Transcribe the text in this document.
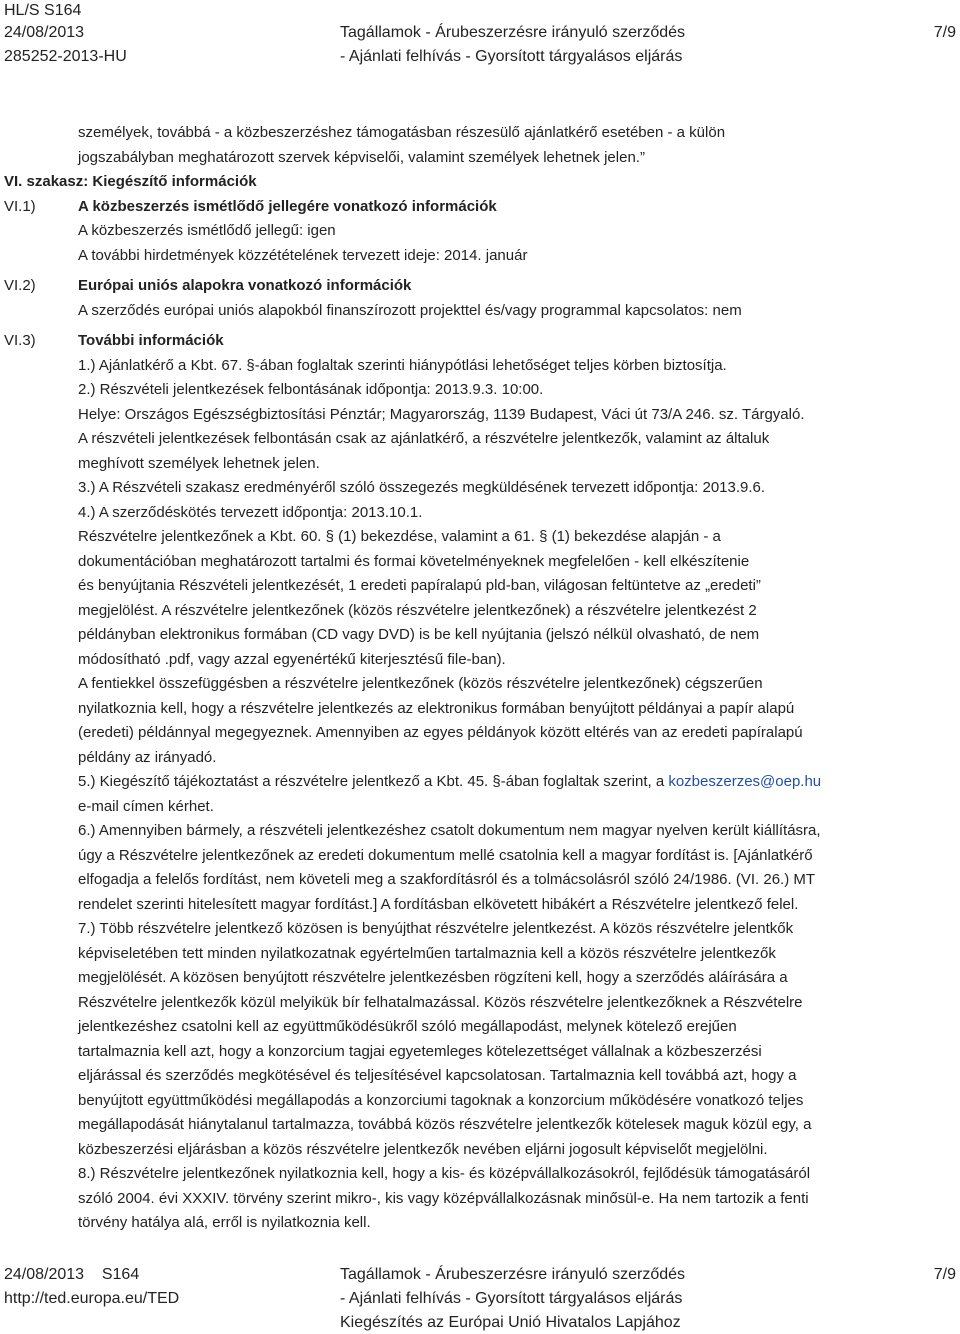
HL/S S164
24/08/2013
285252-2013-HU
Tagállamok - Árubeszerzésre irányuló szerződés
- Ajánlati felhívás - Gyorsított tárgyalásos eljárás
7/9
személyek, továbbá - a közbeszerzéshez támogatásban részesülő ajánlatkérő esetében - a külön
jogszabályban meghatározott szervek képviselői, valamint személyek lehetnek jelen.”
VI. szakasz: Kiegészítő információk
VI.1)	A közbeszerzés ismétlődő jellegére vonatkozó információk
A közbeszerzés ismétlődő jellegű: igen
A további hirdetmények közzétételének tervezett ideje: 2014. január
VI.2)	Európai uniós alapokra vonatkozó információk
A szerződés európai uniós alapokból finanszírozott projekttel és/vagy programmal kapcsolatos: nem
VI.3)	További információk
1.) Ajánlatkérő a Kbt. 67. §-ában foglaltak szerinti hiánypótlási lehetőséget teljes körben biztosítja.
2.) Részvételi jelentkezések felbontásának időpontja: 2013.9.3. 10:00.
Helye: Országos Egészségbiztosítási Pénztár; Magyarország, 1139 Budapest, Váci út 73/A 246. sz. Tárgyaló.
A részvételi jelentkezések felbontásán csak az ajánlatkérő, a részvételre jelentkezők, valamint az általuk
meghívott személyek lehetnek jelen.
3.) A Részvételi szakasz eredményéről szóló összegezés megküldésének tervezett időpontja: 2013.9.6.
4.) A szerződéskötés tervezett időpontja: 2013.10.1.
Részvételre jelentkezőnek a Kbt. 60. § (1) bekezdése, valamint a 61. § (1) bekezdése alapján - a
dokumentációban meghatározott tartalmi és formai követelményeknek megfelelően - kell elkészítenie
és benyújtania Részvételi jelentkezését, 1 eredeti papíralapú pld-ban, világosan feltüntetve az „eredeti”
megjelölést. A részvételre jelentkezőnek (közös részvételre jelentkezőnek) a részvételre jelentkezést 2
példányban elektronikus formában (CD vagy DVD) is be kell nyújtania (jelszó nélkül olvasható, de nem
módosítható .pdf, vagy azzal egyenértékű kiterjesztésű file-ban).
A fentiekkel összefüggésben a részvételre jelentkezőnek (közös részvételre jelentkezőnek) cégszerűen
nyilatkoznia kell, hogy a részvételre jelentkezés az elektronikus formában benyújtott példányai a papír alapú
(eredeti) példánnyal megegyeznek. Amennyiben az egyes példányok között eltérés van az eredeti papíralapú
példány az irányadó.
5.) Kiegészítő tájékoztatást a részvételre jelentkező a Kbt. 45. §-ában foglaltak szerint, a kozbeszerzes@oep.hu
e-mail címen kérhet.
6.) Amennyiben bármely, a részvételi jelentkezéshez csatolt dokumentum nem magyar nyelven került kiállításra,
úgy a Részvételre jelentkezőnek az eredeti dokumentum mellé csatolnia kell a magyar fordítást is. [Ajánlatkérő
elfogadja a felelős fordítást, nem követeli meg a szakfordításról és a tolmácsolásról szóló 24/1986. (VI. 26.) MT
rendelet szerinti hitelesített magyar fordítást.] A fordításban elkövetett hibákért a Részvételre jelentkező felel.
7.) Több részvételre jelentkező közösen is benyújthat részvételre jelentkezést. A közös részvételre jelentkők
képviseletében tett minden nyilatkozatnak egyértelműen tartalmaznia kell a közös részvételre jelentkezők
megjelölését. A közösen benyújtott részvételre jelentkezésben rögzíteni kell, hogy a szerződés aláírására a
Részvételre jelentkezők közül melyikük bír felhatalmazással. Közös részvételre jelentkezőknek a Részvételre
jelentkezéshez csatolni kell az együttműködésükről szóló megállapodást, melynek kötelező erejűen
tartalmaznia kell azt, hogy a konzorcium tagjai egyetemleges kötelezettséget vállalnak a közbeszerzési
eljárással és szerződés megkötésével és teljesítésével kapcsolatosan. Tartalmaznia kell továbbá azt, hogy a
benyújtott együttműködési megállapodás a konzorciumi tagoknak a konzorcium működésére vonatkozó teljes
megállapodását hiánytalanul tartalmazza, továbbá közös részvételre jelentkezők kötelesek maguk közül egy, a
közbeszerzési eljárásban a közös részvételre jelentkezők nevében eljárni jogosult képviselőt megjelölni.
8.) Részvételre jelentkezőnek nyilatkoznia kell, hogy a kis- és középvállalkozásokról, fejlődésük támogatásáról
szóló 2004. évi XXXIV. törvény szerint mikro-, kis vagy középvállalkozásnak minősül-e. Ha nem tartozik a fenti
törvény hatálya alá, erről is nyilatkoznia kell.
24/08/2013 S164
http://ted.europa.eu/TED
Tagállamok - Árubeszerzésre irányuló szerződés
- Ajánlati felhívás - Gyorsított tárgyalásos eljárás
Kiegészítés az Európai Unió Hivatalos Lapjához
7/9
